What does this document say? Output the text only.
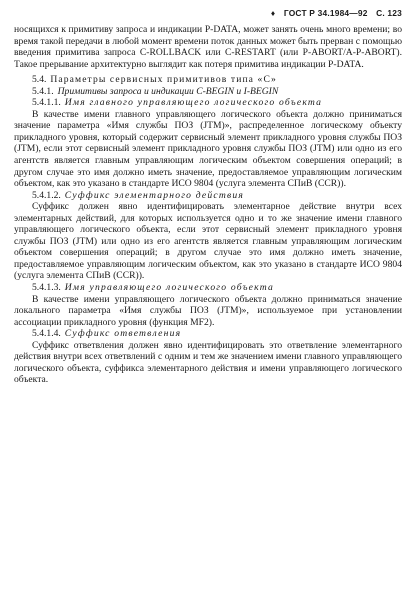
♦ ГОСТ Р 34.1984—92 С. 123

носящихся к примитиву запроса и индикации P-DATA, может занять очень много времени; во время такой передачи в любой момент времени поток данных может быть прерван с помощью введения примитива запроса C-ROLLBACK или C-RESTART (или P-ABORT/A-P-ABORT). Такое прерывание архитектурно выглядит как потеря примитива индикации P-DATA.

5.4. Параметры сервисных примитивов типа «C»

5.4.1. Примитивы запроса и индикации C-BEGIN и I-BEGIN

5.4.1.1. Имя главного управляющего логического объекта

В качестве имени главного управляющего логического объекта должно приниматься значение параметра «Имя службы ПОЗ (JTM)», распределенное логическому объекту прикладного уровня, который содержит сервисный элемент прикладного уровня службы ПОЗ (JTM), если этот сервисный элемент прикладного уровня службы ПОЗ (JTM) или одно из его агентств является главным управляющим логическим объектом совершения операций; в другом случае это имя должно иметь значение, предоставляемое управляющим логическим объектом, как это указано в стандарте ИСО 9804 (услуга элемента СПиВ (CCR)).

5.4.1.2. Суффикс элементарного действия

Суффикс должен явно идентифицировать элементарное действие внутри всех элементарных действий, для которых используется одно и то же значение имени главного управляющего логического объекта, если этот сервисный элемент прикладного уровня службы ПОЗ (JTM) или одно из его агентств является главным управляющим логическим объектом совершения операций; в другом случае это имя должно иметь значение, предоставляемое управляющим логическим объектом, как это указано в стандарте ИСО 9804 (услуга элемента СПиВ (CCR)).

5.4.1.3. Имя управляющего логического объекта

В качестве имени управляющего логического объекта должно приниматься значение локального параметра «Имя службы ПОЗ (JTM)», используемое при установлении ассоциации прикладного уровня (функция MF2).

5.4.1.4. Суффикс ответвления

Суффикс ответвления должен явно идентифицировать это ответвление элементарного действия внутри всех ответвлений с одним и тем же значением имени главного управляющего логического объекта, суффикса элементарного действия и имени управляющего логического объекта.
